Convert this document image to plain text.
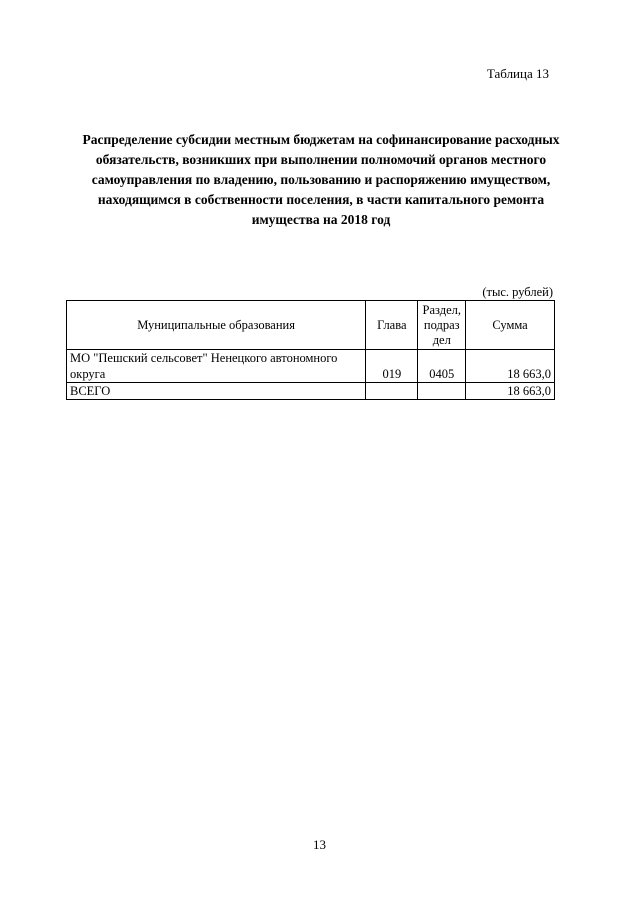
Таблица 13
Распределение субсидии местным бюджетам на софинансирование расходных обязательств, возникших при выполнении полномочий органов местного самоуправления по владению, пользованию и распоряжению имуществом, находящимся в собственности поселения, в части капитального ремонта имущества на 2018 год
(тыс. рублей)
Муниципальные образования	Глава	Раздел, подраз дел	Сумма
МО "Пешский сельсовет" Ненецкого автономного округа	019	0405	18 663,0
ВСЕГО			18 663,0
13
